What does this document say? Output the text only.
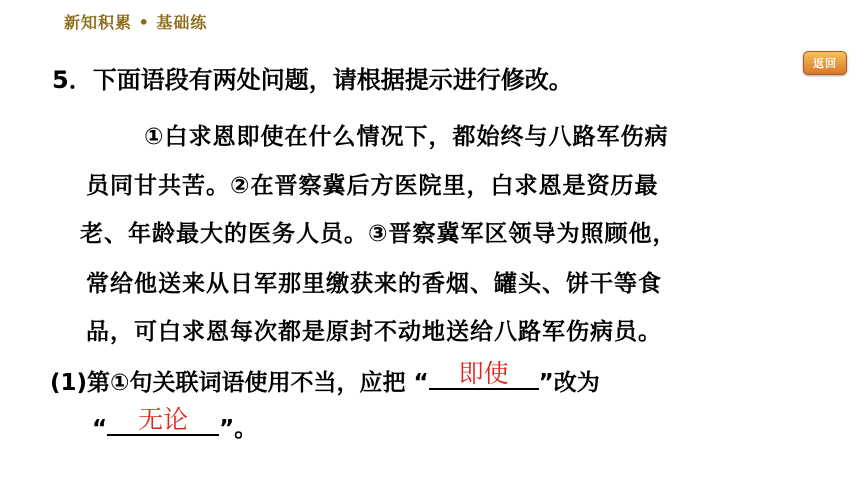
新知积累 • 基础练
返回
5．下面语段有两处问题，请根据提示进行修改。
①白求恩即使在什么情况下，都始终与八路军伤病
员同甘共苦。②在晋察冀后方医院里，白求恩是资历最
老、年龄最大的医务人员。③晋察冀军区领导为照顾他，
常给他送来从日军那里缴获来的香烟、罐头、饼干等食
品，可白求恩每次都是原封不动地送给八路军伤病员。
(1)第①句关联词语使用不当，应把 “	即使	”改为
“	无论	”。
